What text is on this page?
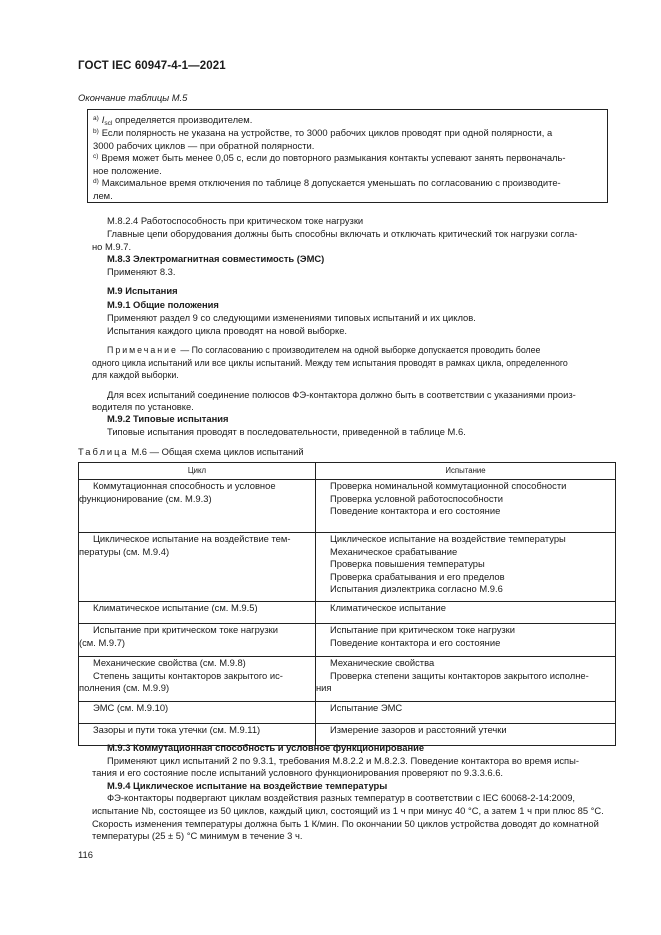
ГОСТ IEC 60947-4-1—2021
Окончание таблицы M.5
$^{a)}$ $I_{scl}$ определяется производителем.
$^{b)}$ Если полярность не указана на устройстве, то 3000 рабочих циклов проводят при одной полярности, а
3000 рабочих циклов — при обратной полярности.
$^{c)}$ Время может быть менее 0,05 с, если до повторного размыкания контакты успевают занять первоначаль-
ное положение.
$^{d)}$ Максимальное время отключения по таблице 8 допускается уменьшать по согласованию с производите-
лем.
M.8.2.4 Работоспособность при критическом токе нагрузки
Главные цепи оборудования должны быть способны включать и отключать критический ток нагрузки согла-
но M.9.7.
M.8.3 Электромагнитная совместимость (ЭМС)
Применяют 8.3.
M.9 Испытания
M.9.1 Общие положения
Применяют раздел 9 со следующими изменениями типовых испытаний и их циклов.
Испытания каждого цикла проводят на новой выборке.
Примечание — По согласованию с производителем на одной выборке допускается проводить более
одного цикла испытаний или все циклы испытаний. Между тем испытания проводят в рамках цикла, определенного
для каждой выборки.
Для всех испытаний соединение полюсов ФЭ-контактора должно быть в соответствии с указаниями произ-
водителя по установке.
M.9.2 Типовые испытания
Типовые испытания проводят в последовательности, приведенной в таблице M.6.
Таблица M.6 — Общая схема циклов испытаний
Цикл	Испытание

Коммутационная способность и условное
функционирование (см. M.9.3)	Проверка номинальной коммутационной способности
Проверка условной работоспособности
Поведение контактора и его состояние

Циклическое испытание на воздействие тем-
пературы (см. M.9.4)	Циклическое испытание на воздействие температуры
Механическое срабатывание
Проверка повышения температуры
Проверка срабатывания и его пределов
Испытания диэлектрика согласно M.9.6

Климатическое испытание (см. M.9.5)	Климатическое испытание

Испытание при критическом токе нагрузки
(см. M.9.7)	Испытание при критическом токе нагрузки
Поведение контактора и его состояние

Механические свойства (см. M.9.8)
Степень защиты контакторов закрытого ис-
полнения (см. M.9.9)	Механические свойства
Проверка степени защиты контакторов закрытого исполне-
ния

ЭМС (см. M.9.10)	Испытание ЭМС

Зазоры и пути тока утечки (см. M.9.11)	Измерение зазоров и расстояний утечки
M.9.3 Коммутационная способность и условное функционирование
Применяют цикл испытаний 2 по 9.3.1, требования M.8.2.2 и M.8.2.3. Поведение контактора во время испы-
тания и его состояние после испытаний условного функционирования проверяют по 9.3.3.6.6.
M.9.4 Циклическое испытание на воздействие температуры
ФЭ-контакторы подвергают циклам воздействия разных температур в соответствии с IEC 60068-2-14:2009,
испытание Nb, состоящее из 50 циклов, каждый цикл, состоящий из 1 ч при минус 40 °С, а затем 1 ч при плюс 85 °С.
Скорость изменения температуры должна быть 1 К/мин. По окончании 50 циклов устройства доводят до комнатной
температуры (25 ± 5) °С минимум в течение 3 ч.
116
